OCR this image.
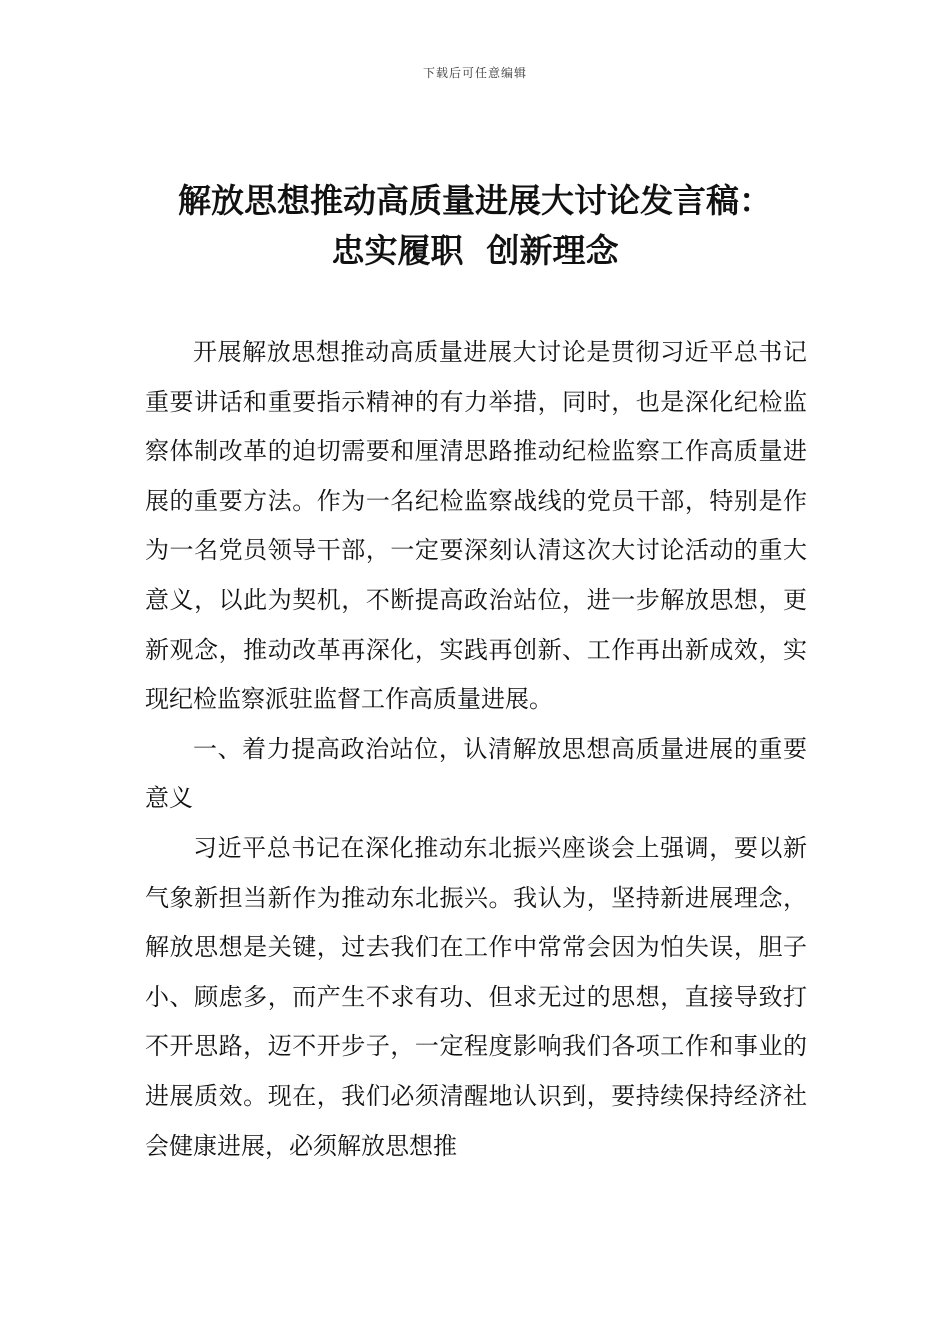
下载后可任意编辑
解放思想推动高质量进展大讨论发言稿：
忠实履职  创新理念

开展解放思想推动高质量进展大讨论是贯彻习近平总书记重要讲话和重要指示精神的有力举措，同时，也是深化纪检监察体制改革的迫切需要和厘清思路推动纪检监察工作高质量进展的重要方法。作为一名纪检监察战线的党员干部，特别是作为一名党员领导干部，一定要深刻认清这次大讨论活动的重大意义，以此为契机，不断提高政治站位，进一步解放思想，更新观念，推动改革再深化，实践再创新、工作再出新成效，实现纪检监察派驻监督工作高质量进展。

一、着力提高政治站位，认清解放思想高质量进展的重要意义

习近平总书记在深化推动东北振兴座谈会上强调，要以新气象新担当新作为推动东北振兴。我认为，坚持新进展理念，解放思想是关键，过去我们在工作中常常会因为怕失误，胆子小、顾虑多，而产生不求有功、但求无过的思想，直接导致打不开思路，迈不开步子，一定程度影响我们各项工作和事业的进展质效。现在，我们必须清醒地认识到，要持续保持经济社会健康进展，必须解放思想推
